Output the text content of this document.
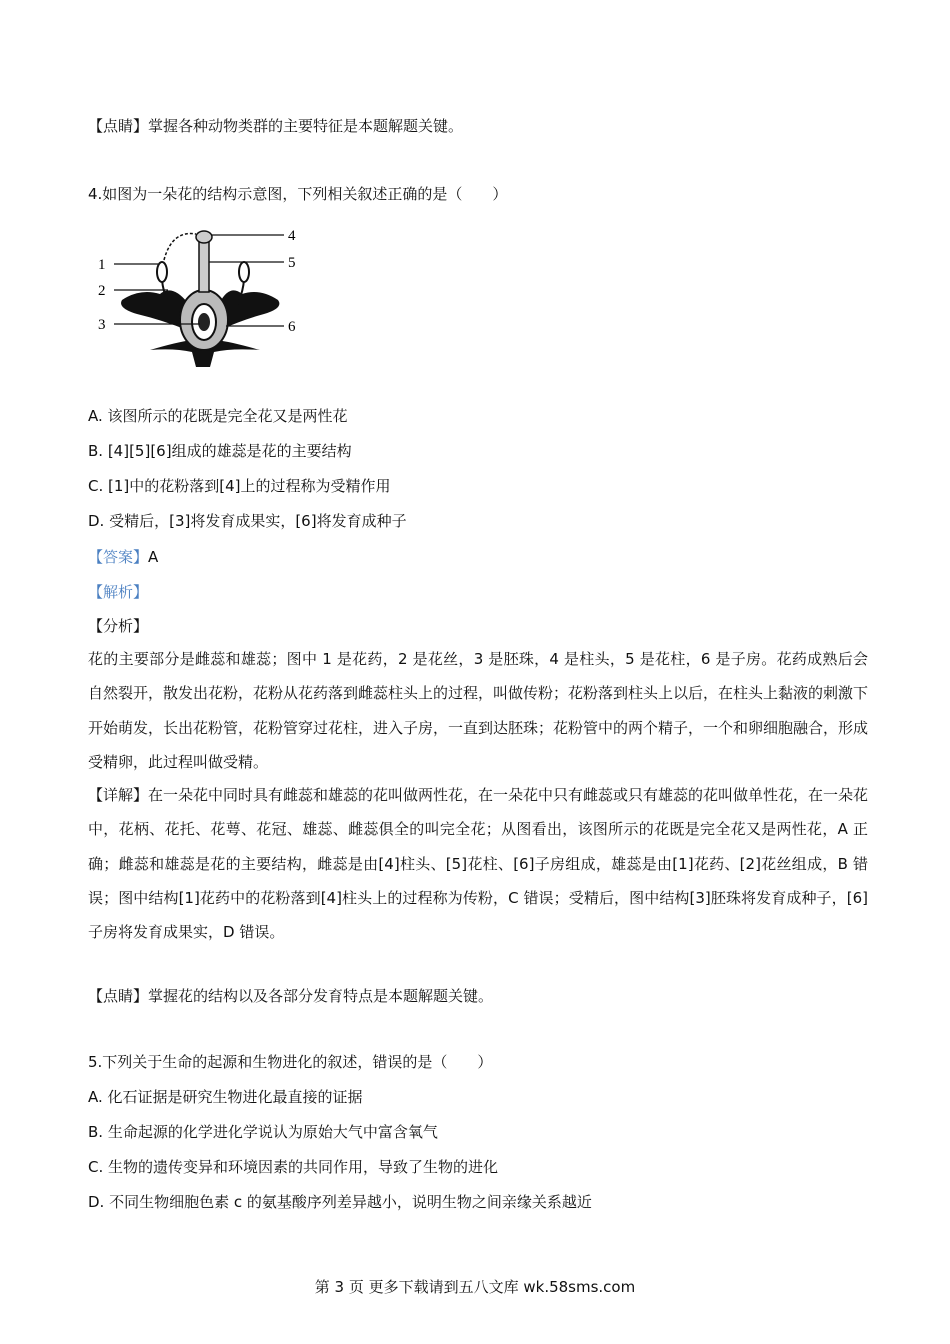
【点睛】掌握各种动物类群的主要特征是本题解题关键。
4.如图为一朵花的结构示意图，下列相关叙述正确的是（　　）
1
2
3
4
5
6
A. 该图所示的花既是完全花又是两性花
B. [4][5][6]组成的雄蕊是花的主要结构
C. [1]中的花粉落到[4]上的过程称为受精作用
D. 受精后，[3]将发育成果实，[6]将发育成种子
【答案】A
【解析】
【分析】
花的主要部分是雌蕊和雄蕊；图中 1 是花药，2 是花丝，3 是胚珠，4 是柱头，5 是花柱，6 是子房。花药成熟后会自然裂开，散发出花粉，花粉从花药落到雌蕊柱头上的过程，叫做传粉；花粉落到柱头上以后，在柱头上黏液的刺激下开始萌发，长出花粉管，花粉管穿过花柱，进入子房，一直到达胚珠；花粉管中的两个精子，一个和卵细胞融合，形成受精卵，此过程叫做受精。
【详解】在一朵花中同时具有雌蕊和雄蕊的花叫做两性花，在一朵花中只有雌蕊或只有雄蕊的花叫做单性花，在一朵花中，花柄、花托、花萼、花冠、雄蕊、雌蕊俱全的叫完全花；从图看出，该图所示的花既是完全花又是两性花，A 正确；雌蕊和雄蕊是花的主要结构，雌蕊是由[4]柱头、[5]花柱、[6]子房组成，雄蕊是由[1]花药、[2]花丝组成，B 错误；图中结构[1]花药中的花粉落到[4]柱头上的过程称为传粉，C 错误；受精后，图中结构[3]胚珠将发育成种子，[6]子房将发育成果实，D 错误。
【点睛】掌握花的结构以及各部分发育特点是本题解题关键。
5.下列关于生命的起源和生物进化的叙述，错误的是（　　）
A. 化石证据是研究生物进化最直接的证据
B. 生命起源的化学进化学说认为原始大气中富含氧气
C. 生物的遗传变异和环境因素的共同作用，导致了生物的进化
D. 不同生物细胞色素 c 的氨基酸序列差异越小，说明生物之间亲缘关系越近
第 3 页 更多下载请到五八文库 wk.58sms.com
